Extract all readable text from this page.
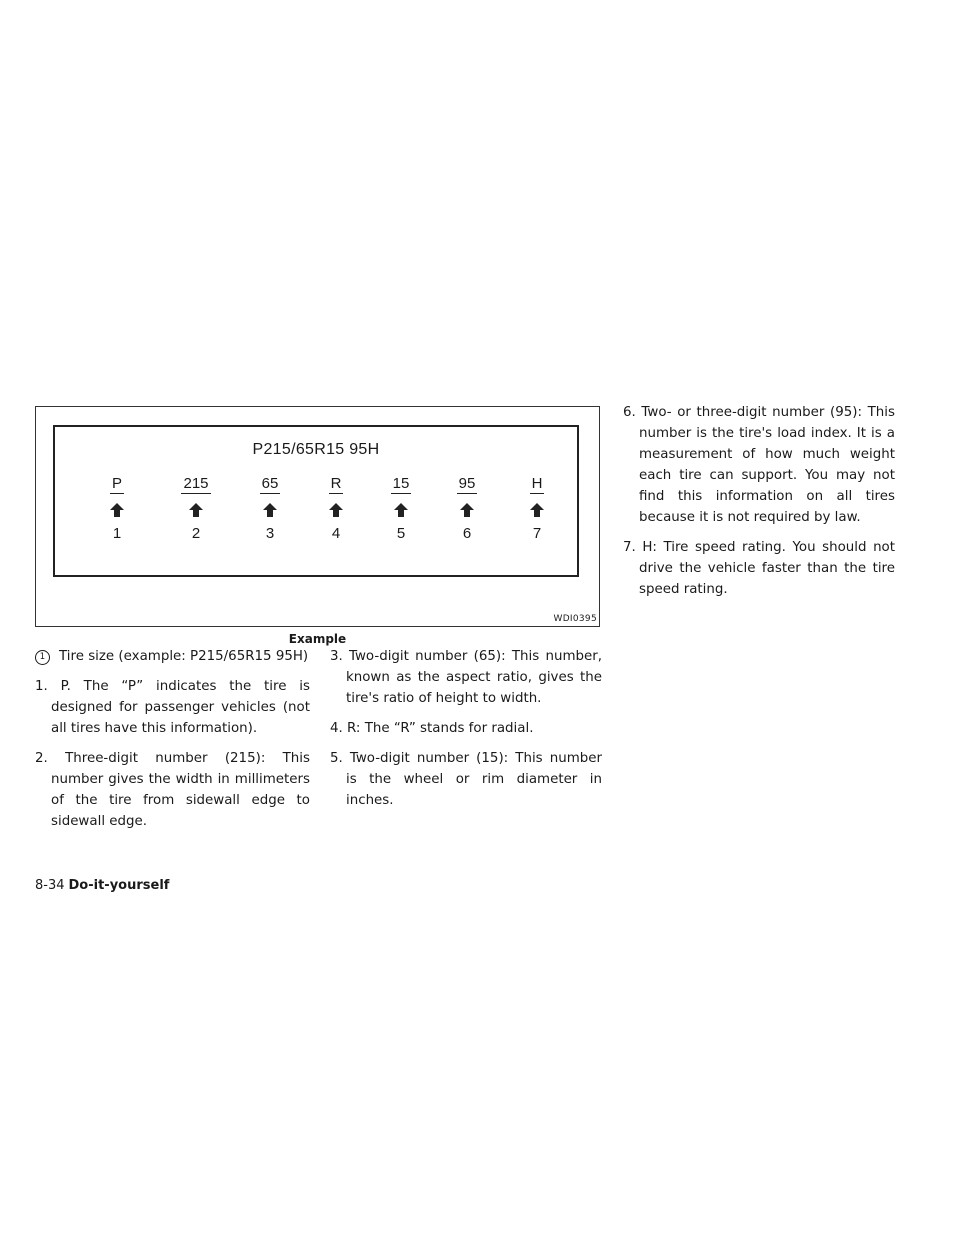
P215/65R15 95H
P
1
215
2
65
3
R
4
15
5
95
6
H
7
WDI0395
Example

1 Tire size (example: P215/65R15 95H)

1. P. The “P” indicates the tire is designed for passenger vehicles (not all tires have this information).

2. Three-digit number (215): This number gives the width in millimeters of the tire from sidewall edge to sidewall edge.

3. Two-digit number (65): This number, known as the aspect ratio, gives the tire's ratio of height to width.

4. R: The “R” stands for radial.

5. Two-digit number (15): This number is the wheel or rim diameter in inches.

6. Two- or three-digit number (95): This number is the tire's load index. It is a measurement of how much weight each tire can support. You may not find this information on all tires because it is not required by law.

7. H: Tire speed rating. You should not drive the vehicle faster than the tire speed rating.

8-34 Do-it-yourself
